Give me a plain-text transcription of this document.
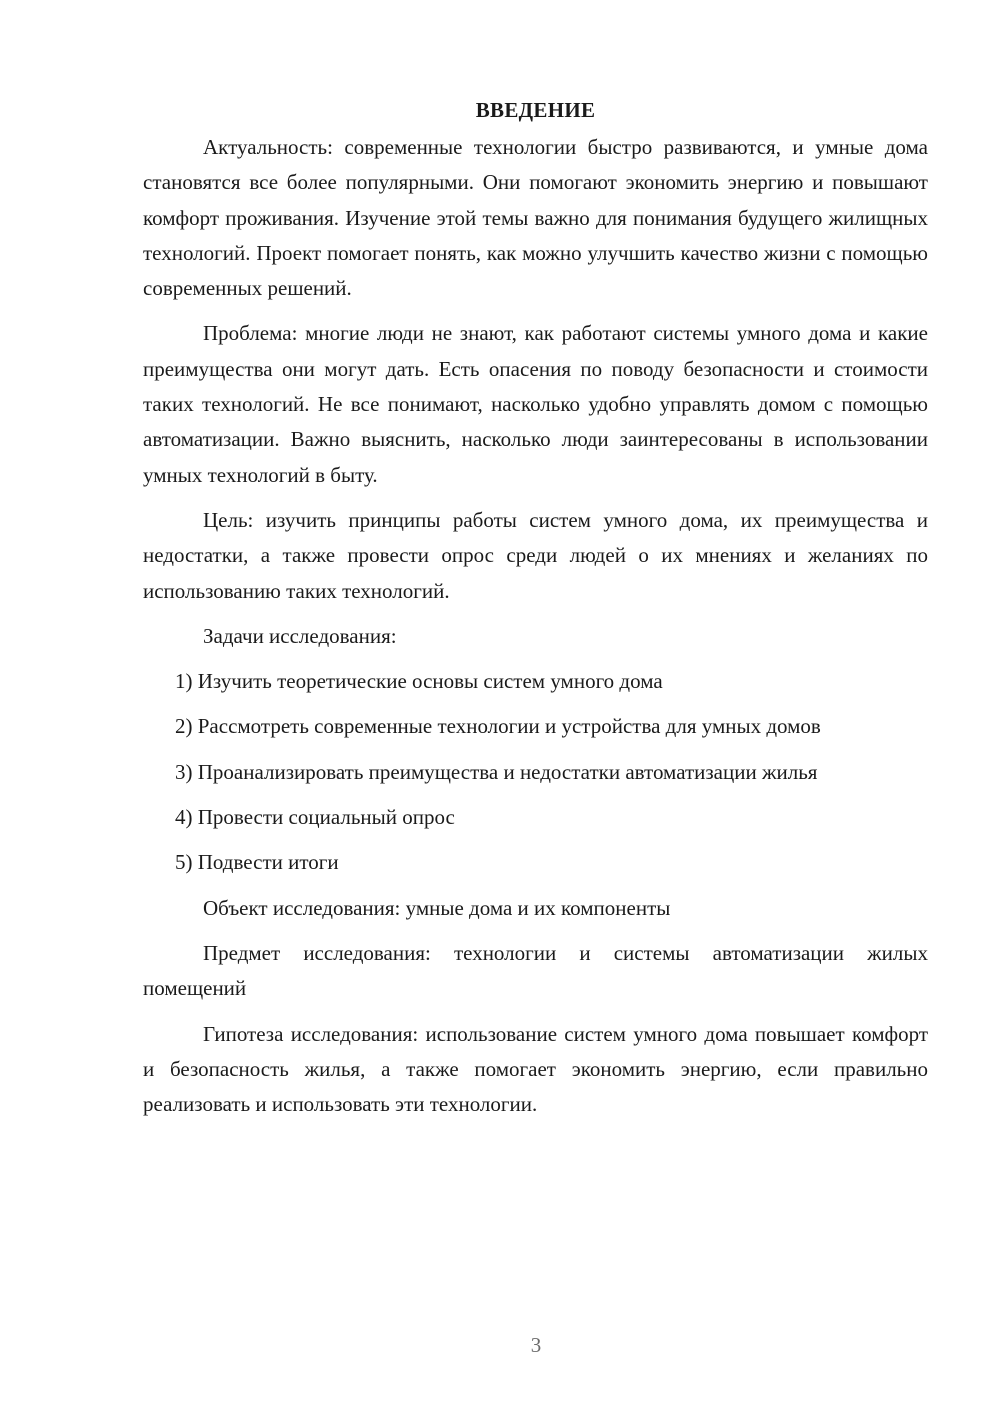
ВВЕДЕНИЕ

Актуальность: современные технологии быстро развиваются, и умные дома становятся все более популярными. Они помогают экономить энергию и повышают комфорт проживания. Изучение этой темы важно для понимания будущего жилищных технологий. Проект помогает понять, как можно улучшить качество жизни с помощью современных решений.

Проблема: многие люди не знают, как работают системы умного дома и какие преимущества они могут дать. Есть опасения по поводу безопасности и стоимости таких технологий. Не все понимают, насколько удобно управлять домом с помощью автоматизации. Важно выяснить, насколько люди заинтересованы в использовании умных технологий в быту.

Цель: изучить принципы работы систем умного дома, их преимущества и недостатки, а также провести опрос среди людей о их мнениях и желаниях по использованию таких технологий.

Задачи исследования:

1) Изучить теоретические основы систем умного дома

2) Рассмотреть современные технологии и устройства для умных домов

3) Проанализировать преимущества и недостатки автоматизации жилья

4) Провести социальный опрос

5) Подвести итоги

Объект исследования: умные дома и их компоненты

Предмет исследования: технологии и системы автоматизации жилых помещений

Гипотеза исследования: использование систем умного дома повышает комфорт и безопасность жилья, а также помогает экономить энергию, если правильно реализовать и использовать эти технологии.

3
